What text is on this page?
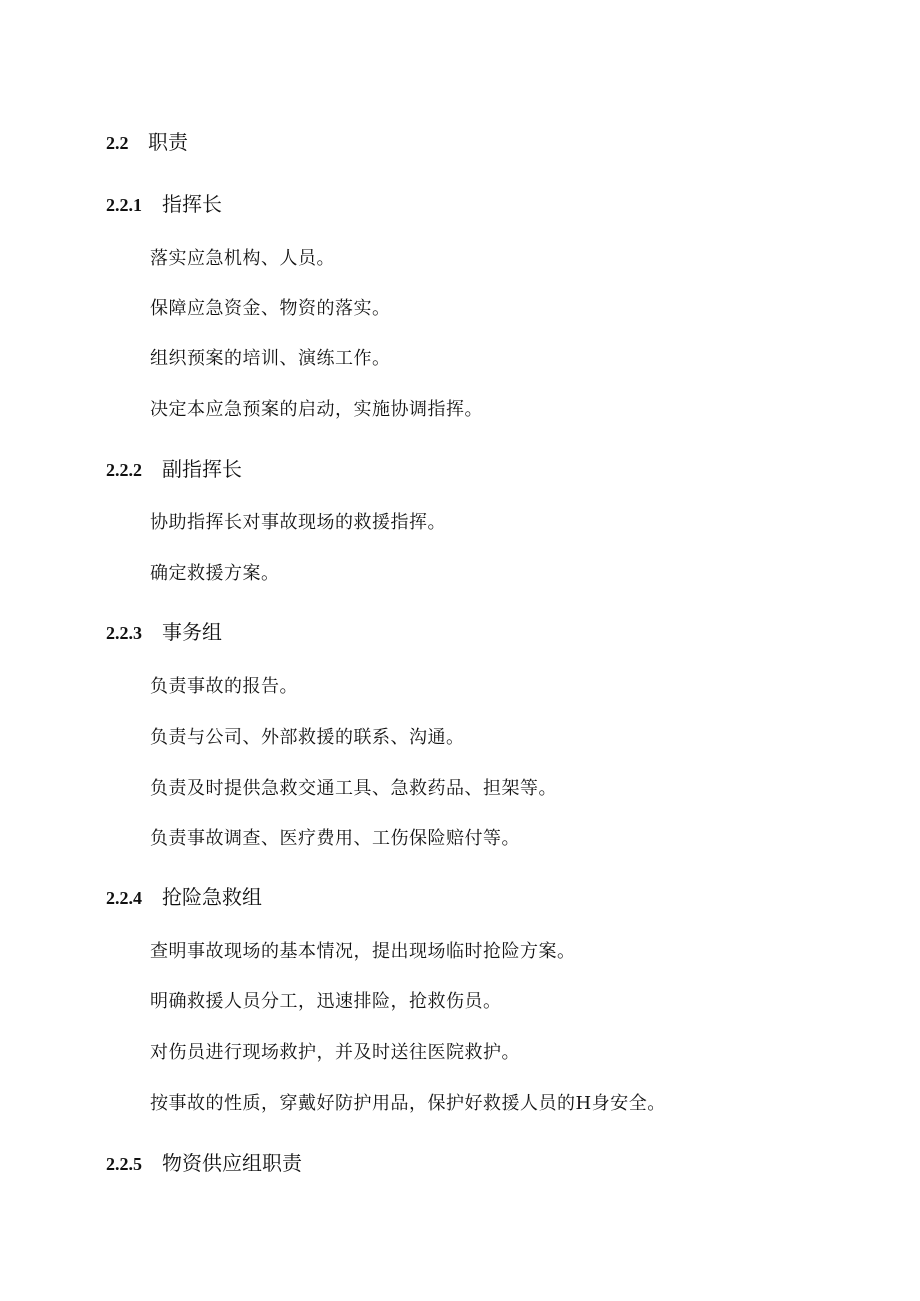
2.2 职责
2.2.1 指挥长
落实应急机构、人员。
保障应急资金、物资的落实。
组织预案的培训、演练工作。
决定本应急预案的启动，实施协调指挥。
2.2.2 副指挥长
协助指挥长对事故现场的救援指挥。
确定救援方案。
2.2.3 事务组
负责事故的报告。
负责与公司、外部救援的联系、沟通。
负责及时提供急救交通工具、急救药品、担架等。
负责事故调查、医疗费用、工伤保险赔付等。
2.2.4 抢险急救组
查明事故现场的基本情况，提出现场临时抢险方案。
明确救援人员分工，迅速排险，抢救伤员。
对伤员进行现场救护，并及时送往医院救护。
按事故的性质，穿戴好防护用品，保护好救援人员的H身安全。
2.2.5 物资供应组职责
